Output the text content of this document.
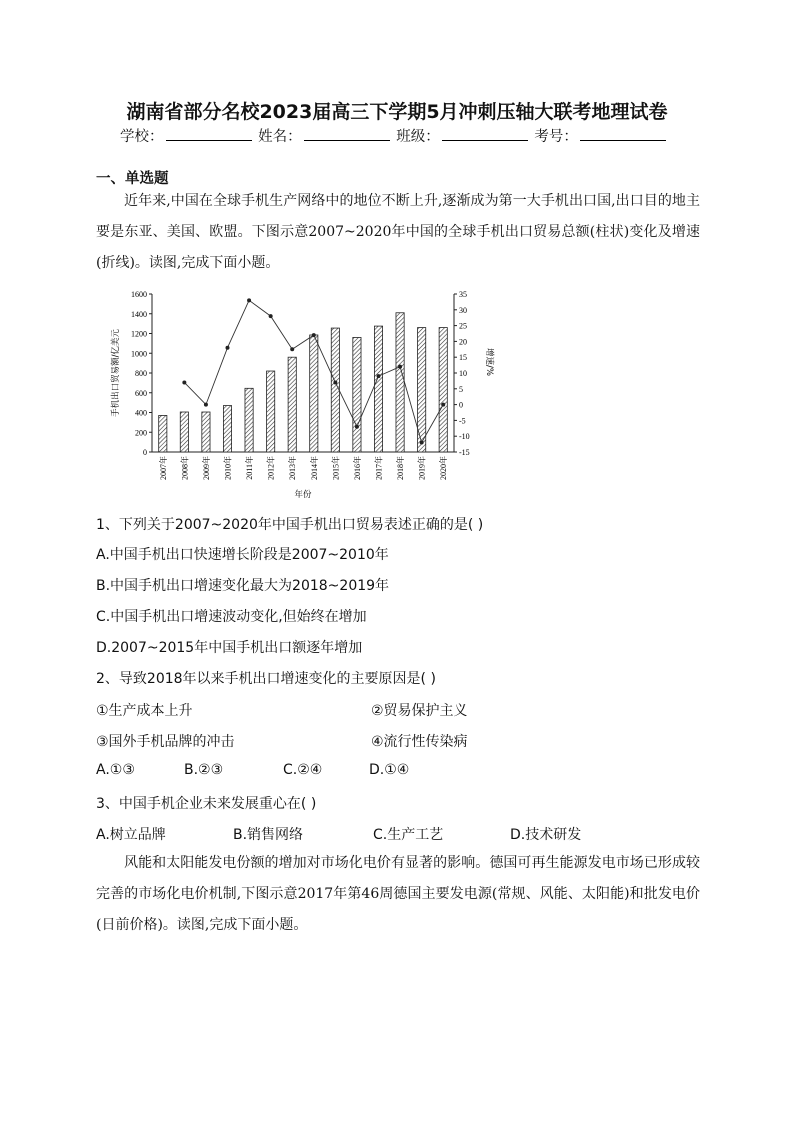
湖南省部分名校2023届高三下学期5月冲刺压轴大联考地理试卷
学校：	姓名：	班级：	考号：
一、单选题
近年来,中国在全球手机生产网络中的地位不断上升,逐渐成为第一大手机出口国,出口目的地主要是东亚、美国、欧盟。下图示意2007~2020年中国的全球手机出口贸易总额(柱状)变化及增速(折线)。读图,完成下面小题。
0
200
400
600
800
1000
1200
1400
1600
-15
-10
-5
0
5
10
15
20
25
30
35
2007年 2008年 2009年 2010年 2011年 2012年 2013年 2014年 2015年 2016年 2017年 2018年 2019年 2020年
年份
手机出口贸易额/亿美元	增速/%
1、下列关于2007~2020年中国手机出口贸易表述正确的是( )
A.中国手机出口快速增长阶段是2007~2010年
B.中国手机出口增速变化最大为2018~2019年
C.中国手机出口增速波动变化,但始终在增加
D.2007~2015年中国手机出口额逐年增加
2、导致2018年以来手机出口增速变化的主要原因是( )
①生产成本上升	②贸易保护主义
③国外手机品牌的冲击	④流行性传染病
A.①③	B.②③	C.②④	D.①④
3、中国手机企业未来发展重心在( )
A.树立品牌	B.销售网络	C.生产工艺	D.技术研发
风能和太阳能发电份额的增加对市场化电价有显著的影响。德国可再生能源发电市场已形成较完善的市场化电价机制,下图示意2017年第46周德国主要发电源(常规、风能、太阳能)和批发电价(日前价格)。读图,完成下面小题。
